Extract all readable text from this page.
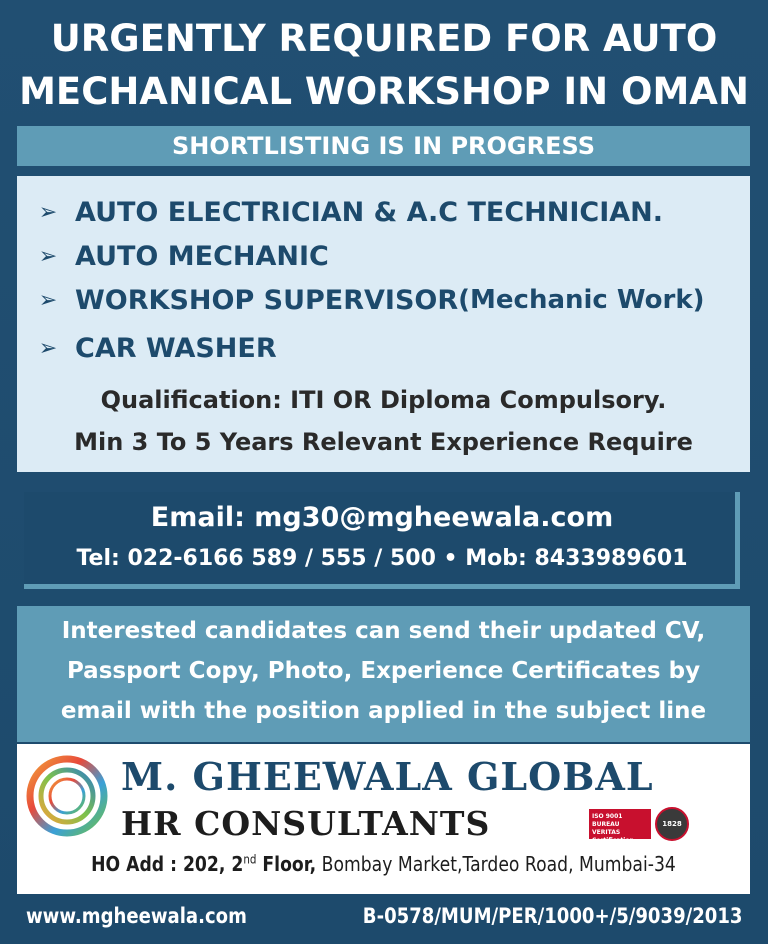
URGENTLY REQUIRED FOR AUTO
MECHANICAL WORKSHOP IN OMAN
SHORTLISTING IS IN PROGRESS
➢ AUTO ELECTRICIAN & A.C TECHNICIAN.
➢ AUTO MECHANIC
➢ WORKSHOP SUPERVISOR (Mechanic Work)
➢ CAR WASHER
Qualification: ITI OR Diploma Compulsory.
Min 3 To 5 Years Relevant Experience Require
Email: mg30@mgheewala.com
Tel: 022-6166 589 / 555 / 500 • Mob: 8433989601
Interested candidates can send their updated CV,
Passport Copy, Photo, Experience Certificates by
email with the position applied in the subject line
M. GHEEWALA GLOBAL
HR CONSULTANTS	ISO 9001 BUREAU VERITAS Certification
1828
HO Add : 202, 2nd Floor, Bombay Market,Tardeo Road, Mumbai-34
www.mgheewala.com	B-0578/MUM/PER/1000+/5/9039/2013
